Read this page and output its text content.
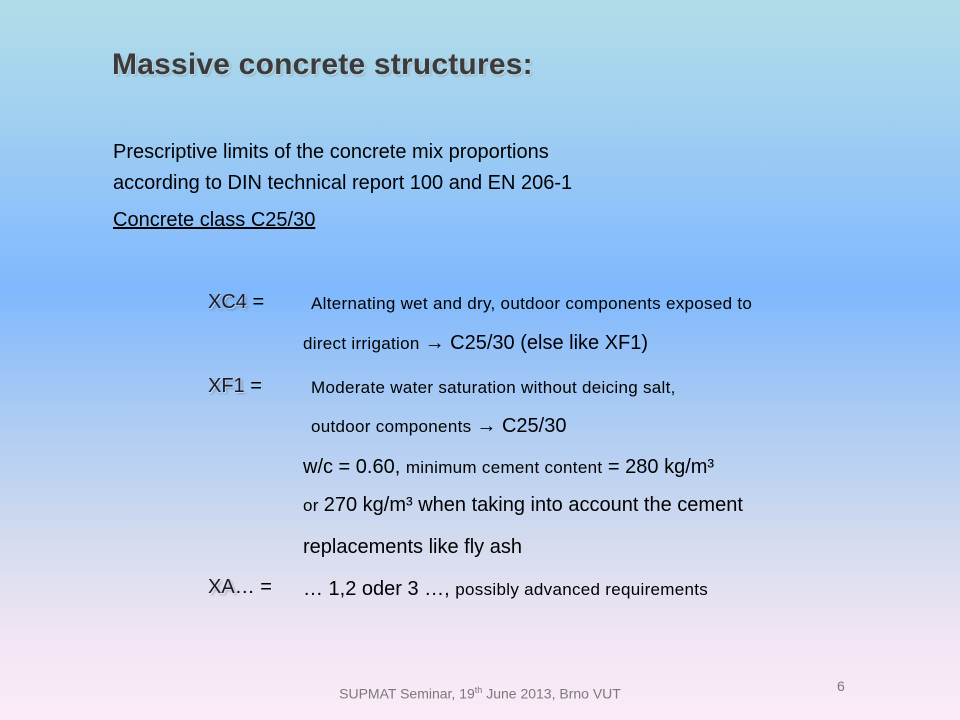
Massive concrete structures:
Prescriptive limits of the concrete mix proportions
according to DIN technical report 100 and EN 206-1
Concrete class C25/30
XC4 =	Alternating wet and dry, outdoor components exposed to
direct irrigation → C25/30 (else like XF1)
XF1 =	Moderate water saturation without deicing salt,
outdoor components → C25/30
w/c = 0.60, minimum cement content = 280 kg/m³
or 270 kg/m³ when taking into account the cement
replacements like fly ash
XA… = … 1,2 oder 3 …, possibly advanced requirements
SUPMAT Seminar, 19th June 2013, Brno VUT	6
